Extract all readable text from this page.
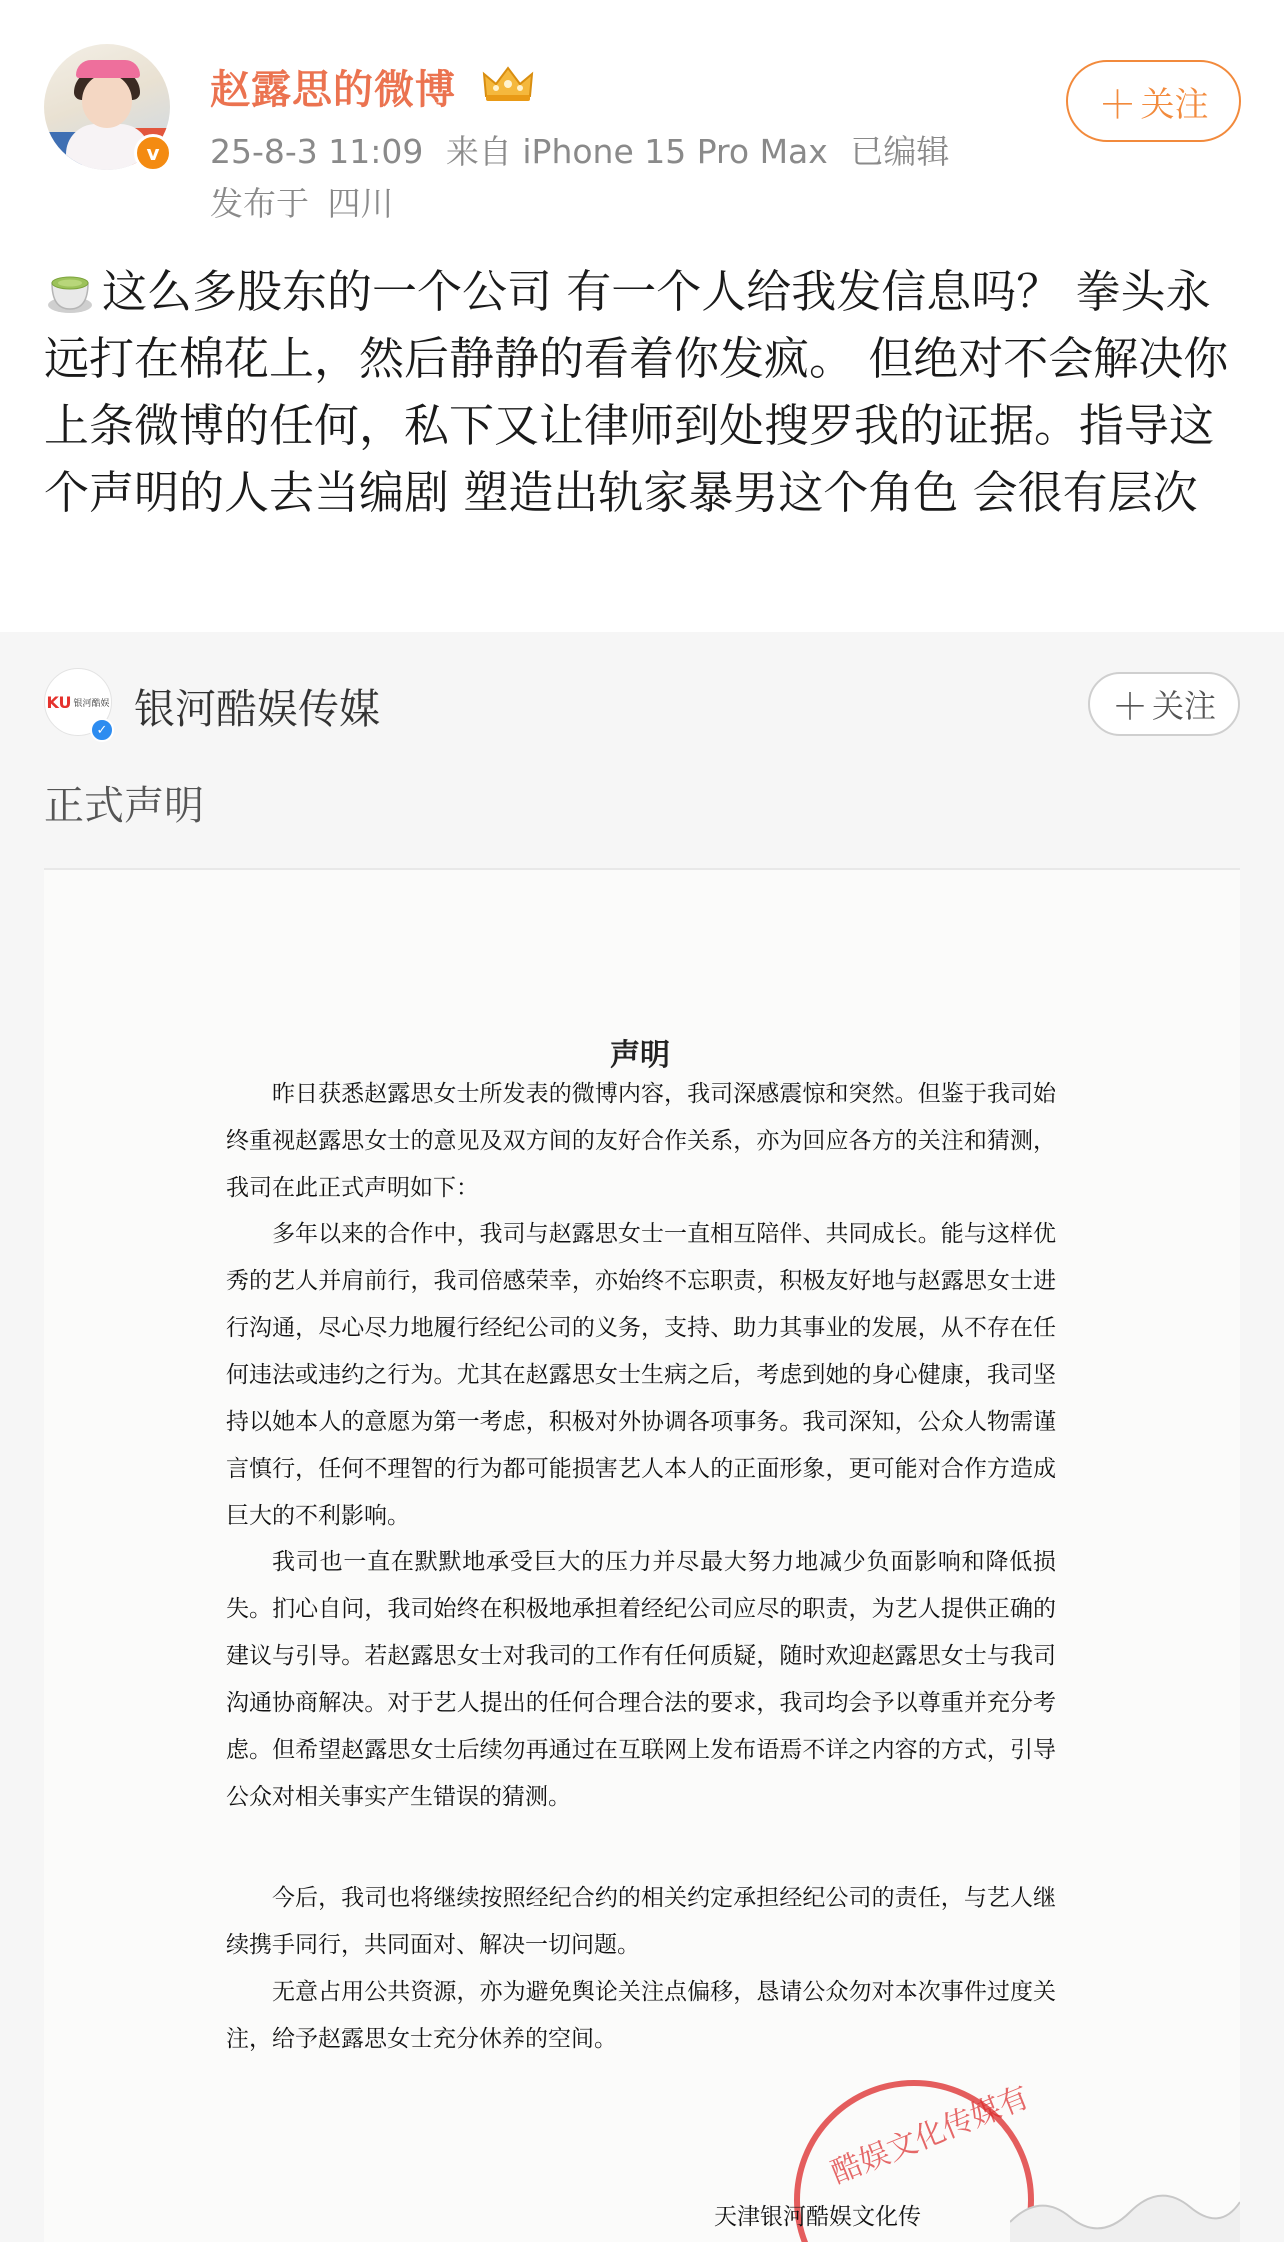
v
赵露思的微博
25-8-3 11:09 来自 iPhone 15 Pro Max 已编辑
发布于 四川
＋ 关注
这么多股东的一个公司 有一个人给我发信息吗？ 拳头永远打在棉花上，然后静静的看着你发疯。 但绝对不会解决你上条微博的任何，私下又让律师到处搜罗我的证据。指导这个声明的人去当编剧 塑造出轨家暴男这个角色 会很有层次
KU 银河酷娱
✓ 银河酷娱传媒	＋ 关注
正式声明
声明
昨日获悉赵露思女士所发表的微博内容，我司深感震惊和突然。但鉴于我司始终重视赵露思女士的意见及双方间的友好合作关系，亦为回应各方的关注和猜测，我司在此正式声明如下：
多年以来的合作中，我司与赵露思女士一直相互陪伴、共同成长。能与这样优秀的艺人并肩前行，我司倍感荣幸，亦始终不忘职责，积极友好地与赵露思女士进行沟通，尽心尽力地履行经纪公司的义务，支持、助力其事业的发展，从不存在任何违法或违约之行为。尤其在赵露思女士生病之后，考虑到她的身心健康，我司坚持以她本人的意愿为第一考虑，积极对外协调各项事务。我司深知，公众人物需谨言慎行，任何不理智的行为都可能损害艺人本人的正面形象，更可能对合作方造成巨大的不利影响。
我司也一直在默默地承受巨大的压力并尽最大努力地减少负面影响和降低损失。扪心自问，我司始终在积极地承担着经纪公司应尽的职责，为艺人提供正确的建议与引导。若赵露思女士对我司的工作有任何质疑，随时欢迎赵露思女士与我司沟通协商解决。对于艺人提出的任何合理合法的要求，我司均会予以尊重并充分考虑。但希望赵露思女士后续勿再通过在互联网上发布语焉不详之内容的方式，引导公众对相关事实产生错误的猜测。
今后，我司也将继续按照经纪合约的相关约定承担经纪公司的责任，与艺人继续携手同行，共同面对、解决一切问题。
无意占用公共资源，亦为避免舆论关注点偏移，恳请公众勿对本次事件过度关注，给予赵露思女士充分休养的空间。
酷娱文化传媒有
天津银河酷娱文化传
